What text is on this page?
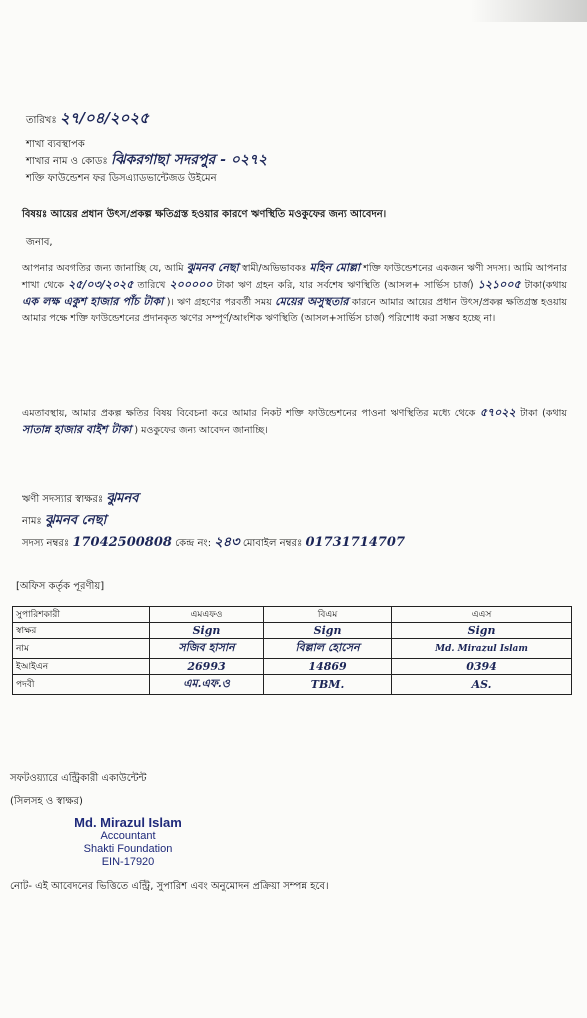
তারিখঃ ২৭/০৪/২০২৫
শাখা ব্যবস্থাপক
শাখার নাম ও কোডঃ ঝিকরগাছা সদরপুর - ০২৭২
শক্তি ফাউন্ডেশন ফর ডিসএ্যাডভান্টেজড উইমেন
বিষয়ঃ আয়ের প্রধান উৎস/প্রকল্প ক্ষতিগ্রস্ত হওয়ার কারণে ঋণস্থিতি মওকুফের জন্য আবেদন।
জনাব,
আপনার অবগতির জন্য জানাচ্ছি যে, আমি ঝুমনব নেছা স্বামী/অভিভাবকঃ মহিন মোল্লা শক্তি ফাউন্ডেশনের একজন ঋণী সদস্য। আমি আপনার শাখা থেকে ২৫/০৩/২০২৫ তারিখে ২০০০০০ টাকা ঋণ গ্রহন করি, যার সর্বশেষ ঋণস্থিতি (আসল+ সার্ভিস চার্জ) ১২১০০৫ টাকা(কথায় এক লক্ষ একুশ হাজার পাঁচ টাকা )। ঋণ গ্রহণের পরবর্তী সময় মেয়ের অসুস্থতার কারনে আমার আয়ের প্রধান উৎস/প্রকল্প ক্ষতিগ্রস্ত হওয়ায় আমার পক্ষে শক্তি ফাউন্ডেশনের প্রদানকৃত ঋণের সম্পূর্ণ/আংশিক ঋণস্থিতি (আসল+সার্ভিস চার্জ) পরিশোধ করা সম্ভব হচ্ছে না।
এমতাবস্থায়, আমার প্রকল্প ক্ষতির বিষয় বিবেচনা করে আমার নিকট শক্তি ফাউন্ডেশনের পাওনা ঋণস্থিতির মধ্যে থেকে ৫৭০২২ টাকা (কথায় সাতান্ন হাজার বাইশ টাকা ) মওকুফের জন্য আবেদন জানাচ্ছি।
ঋণী সদস্যার স্বাক্ষরঃ ঝুমনব
নামঃ ঝুমনব নেছা
সদস্য নম্বরঃ 17042500808 কেন্দ্র নং: ২৪৩ মোবাইল নম্বরঃ 01731714707
[অফিস কর্তৃক পূরণীয়]
সুপারিশকারী	এমএফও	বিএম	এএস
স্বাক্ষর	Sign	Sign	Sign
নাম	সজিব হাসান	বিল্লাল হোসেন	Md. Mirazul Islam
ইআইএন	26993	14869	0394
পদবী	এম.এফ.ও	TBM.	AS.
সফটওয়্যারে এন্ট্রিকারী একাউন্টেন্ট
(সিলসহ ও স্বাক্ষর)
Md. Mirazul Islam
Accountant
Shakti Foundation
EIN-17920
নোট- এই আবেদনের ভিত্তিতে এন্ট্রি, সুপারিশ এবং অনুমোদন প্রক্রিয়া সম্পন্ন হবে।
